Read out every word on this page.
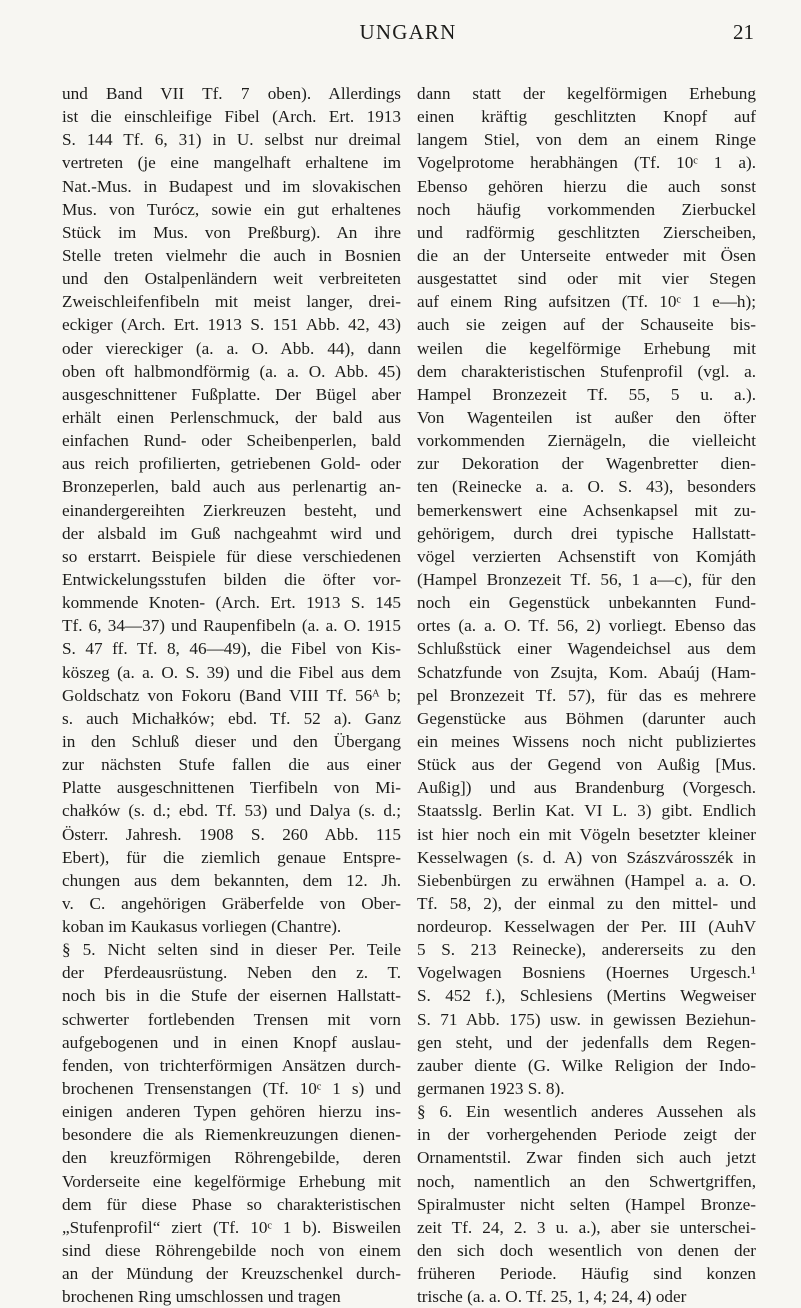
UNGARN	21
und Band VII Tf. 7 oben). Allerdings
ist die einschleifige Fibel (Arch. Ert. 1913
S. 144 Tf. 6, 31) in U. selbst nur dreimal
vertreten (je eine mangelhaft erhaltene im
Nat.-Mus. in Budapest und im slovakischen
Mus. von Turócz, sowie ein gut erhaltenes
Stück im Mus. von Preßburg). An ihre
Stelle treten vielmehr die auch in Bosnien
und den Ostalpenländern weit verbreiteten
Zweischleifenfibeln mit meist langer, drei-
eckiger (Arch. Ert. 1913 S. 151 Abb. 42, 43)
oder viereckiger (a. a. O. Abb. 44), dann
oben oft halbmondförmig (a. a. O. Abb. 45)
ausgeschnittener Fußplatte. Der Bügel aber
erhält einen Perlenschmuck, der bald aus
einfachen Rund- oder Scheibenperlen, bald
aus reich profilierten, getriebenen Gold- oder
Bronzeperlen, bald auch aus perlenartig an-
einandergereihten Zierkreuzen besteht, und
der alsbald im Guß nachgeahmt wird und
so erstarrt. Beispiele für diese verschiedenen
Entwickelungsstufen bilden die öfter vor-
kommende Knoten- (Arch. Ert. 1913 S. 145
Tf. 6, 34—37) und Raupenfibeln (a. a. O. 1915
S. 47 ff. Tf. 8, 46—49), die Fibel von Kis-
köszeg (a. a. O. S. 39) und die Fibel aus dem
Goldschatz von Fokoru (Band VIII Tf. 56ᴬ b;
s. auch Michałków; ebd. Tf. 52 a). Ganz
in den Schluß dieser und den Übergang
zur nächsten Stufe fallen die aus einer
Platte ausgeschnittenen Tierfibeln von Mi-
chałków (s. d.; ebd. Tf. 53) und Dalya (s. d.;
Österr. Jahresh. 1908 S. 260 Abb. 115
Ebert), für die ziemlich genaue Entspre-
chungen aus dem bekannten, dem 12. Jh.
v. C. angehörigen Gräberfelde von Ober-
koban im Kaukasus vorliegen (Chantre).
§ 5. Nicht selten sind in dieser Per. Teile
der Pferdeausrüstung. Neben den z. T.
noch bis in die Stufe der eisernen Hallstatt-
schwerter fortlebenden Trensen mit vorn
aufgebogenen und in einen Knopf auslau-
fenden, von trichterförmigen Ansätzen durch-
brochenen Trensenstangen (Tf. 10ᶜ 1 s) und
einigen anderen Typen gehören hierzu ins-
besondere die als Riemenkreuzungen dienen-
den kreuzförmigen Röhrengebilde, deren
Vorderseite eine kegelförmige Erhebung mit
dem für diese Phase so charakteristischen
„Stufenprofil“ ziert (Tf. 10ᶜ 1 b). Bisweilen
sind diese Röhrengebilde noch von einem
an der Mündung der Kreuzschenkel durch-
brochenen Ring umschlossen und tragen
dann statt der kegelförmigen Erhebung
einen kräftig geschlitzten Knopf auf
langem Stiel, von dem an einem Ringe
Vogelprotome herabhängen (Tf. 10ᶜ 1 a).
Ebenso gehören hierzu die auch sonst
noch häufig vorkommenden Zierbuckel
und radförmig geschlitzten Zierscheiben,
die an der Unterseite entweder mit Ösen
ausgestattet sind oder mit vier Stegen
auf einem Ring aufsitzen (Tf. 10ᶜ 1 e—h);
auch sie zeigen auf der Schauseite bis-
weilen die kegelförmige Erhebung mit
dem charakteristischen Stufenprofil (vgl. a.
Hampel Bronzezeit Tf. 55, 5 u. a.).
Von Wagenteilen ist außer den öfter
vorkommenden Ziernägeln, die vielleicht
zur Dekoration der Wagenbretter dien-
ten (Reinecke a. a. O. S. 43), besonders
bemerkenswert eine Achsenkapsel mit zu-
gehörigem, durch drei typische Hallstatt-
vögel verzierten Achsenstift von Komjáth
(Hampel Bronzezeit Tf. 56, 1 a—c), für den
noch ein Gegenstück unbekannten Fund-
ortes (a. a. O. Tf. 56, 2) vorliegt. Ebenso das
Schlußstück einer Wagendeichsel aus dem
Schatzfunde von Zsujta, Kom. Abaúj (Ham-
pel Bronzezeit Tf. 57), für das es mehrere
Gegenstücke aus Böhmen (darunter auch
ein meines Wissens noch nicht publiziertes
Stück aus der Gegend von Außig [Mus.
Außig]) und aus Brandenburg (Vorgesch.
Staatsslg. Berlin Kat. VI L. 3) gibt. Endlich
ist hier noch ein mit Vögeln besetzter kleiner
Kesselwagen (s. d. A) von Szászvárosszék in
Siebenbürgen zu erwähnen (Hampel a. a. O.
Tf. 58, 2), der einmal zu den mittel- und
nordeurop. Kesselwagen der Per. III (AuhV
5 S. 213 Reinecke), andererseits zu den
Vogelwagen Bosniens (Hoernes Urgesch.¹
S. 452 f.), Schlesiens (Mertins Wegweiser
S. 71 Abb. 175) usw. in gewissen Beziehun-
gen steht, und der jedenfalls dem Regen-
zauber diente (G. Wilke Religion der Indo-
germanen 1923 S. 8).
§ 6. Ein wesentlich anderes Aussehen als
in der vorhergehenden Periode zeigt der
Ornamentstil. Zwar finden sich auch jetzt
noch, namentlich an den Schwertgriffen,
Spiralmuster nicht selten (Hampel Bronze-
zeit Tf. 24, 2. 3 u. a.), aber sie unterschei-
den sich doch wesentlich von denen der
früheren Periode. Häufig sind konzen
trische (a. a. O. Tf. 25, 1, 4; 24, 4) oder
